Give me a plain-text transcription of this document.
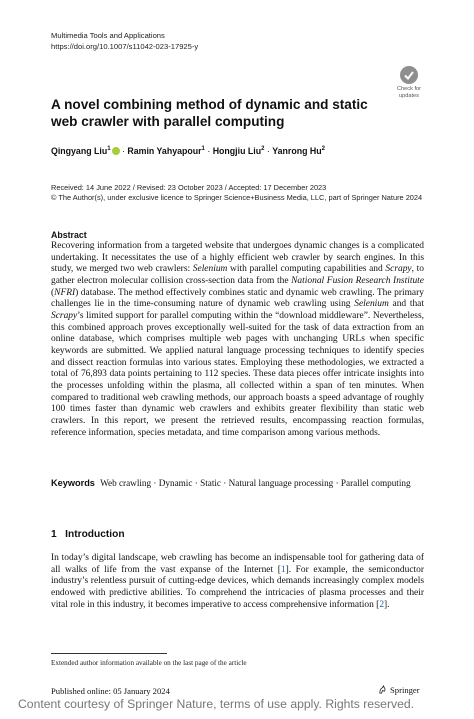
Multimedia Tools and Applications
https://doi.org/10.1007/s11042-023-17925-y
Check for updates
A novel combining method of dynamic and static web crawler with parallel computing
Qingyang Liu$^1$ · Ramin Yahyapour$^1$ · Hongjiu Liu$^2$ · Yanrong Hu$^2$
Received: 14 June 2022 / Revised: 23 October 2023 / Accepted: 17 December 2023
© The Author(s), under exclusive licence to Springer Science+Business Media, LLC, part of Springer Nature 2024
Abstract
Recovering information from a targeted website that undergoes dynamic changes is a complicated undertaking. It necessitates the use of a highly efficient web crawler by search engines. In this study, we merged two web crawlers: Selenium with parallel computing capabilities and Scrapy, to gather electron molecular collision cross-section data from the National Fusion Research Institute (NFRI) database. The method effectively combines static and dynamic web crawling. The primary challenges lie in the time-consuming nature of dynamic web crawling using Selenium and that Scrapy’s limited support for parallel computing within the “download middleware”. Nevertheless, this combined approach proves exceptionally well-suited for the task of data extraction from an online database, which comprises multiple web pages with unchanging URLs when specific keywords are submitted. We applied natural language processing techniques to identify species and dissect reaction formulas into various states. Employing these methodologies, we extracted a total of 76,893 data points pertaining to 112 species. These data pieces offer intricate insights into the processes unfolding within the plasma, all collected within a span of ten minutes. When compared to traditional web crawling methods, our approach boasts a speed advantage of roughly 100 times faster than dynamic web crawlers and exhibits greater flexibility than static web crawlers. In this report, we present the retrieved results, encompassing reaction formulas, reference information, species metadata, and time comparison among various methods.
Keywords Web crawling · Dynamic · Static · Natural language processing · Parallel computing
1 Introduction
In today’s digital landscape, web crawling has become an indispensable tool for gathering data of all walks of life from the vast expanse of the Internet [1]. For example, the semiconductor industry’s relentless pursuit of cutting-edge devices, which demands increasingly complex models endowed with predictive abilities. To comprehend the intricacies of plasma processes and their vital role in this industry, it becomes imperative to access comprehensive information [2].
Extended author information available on the last page of the article
Published online: 05 January 2024	Springer
Content courtesy of Springer Nature, terms of use apply. Rights reserved.
